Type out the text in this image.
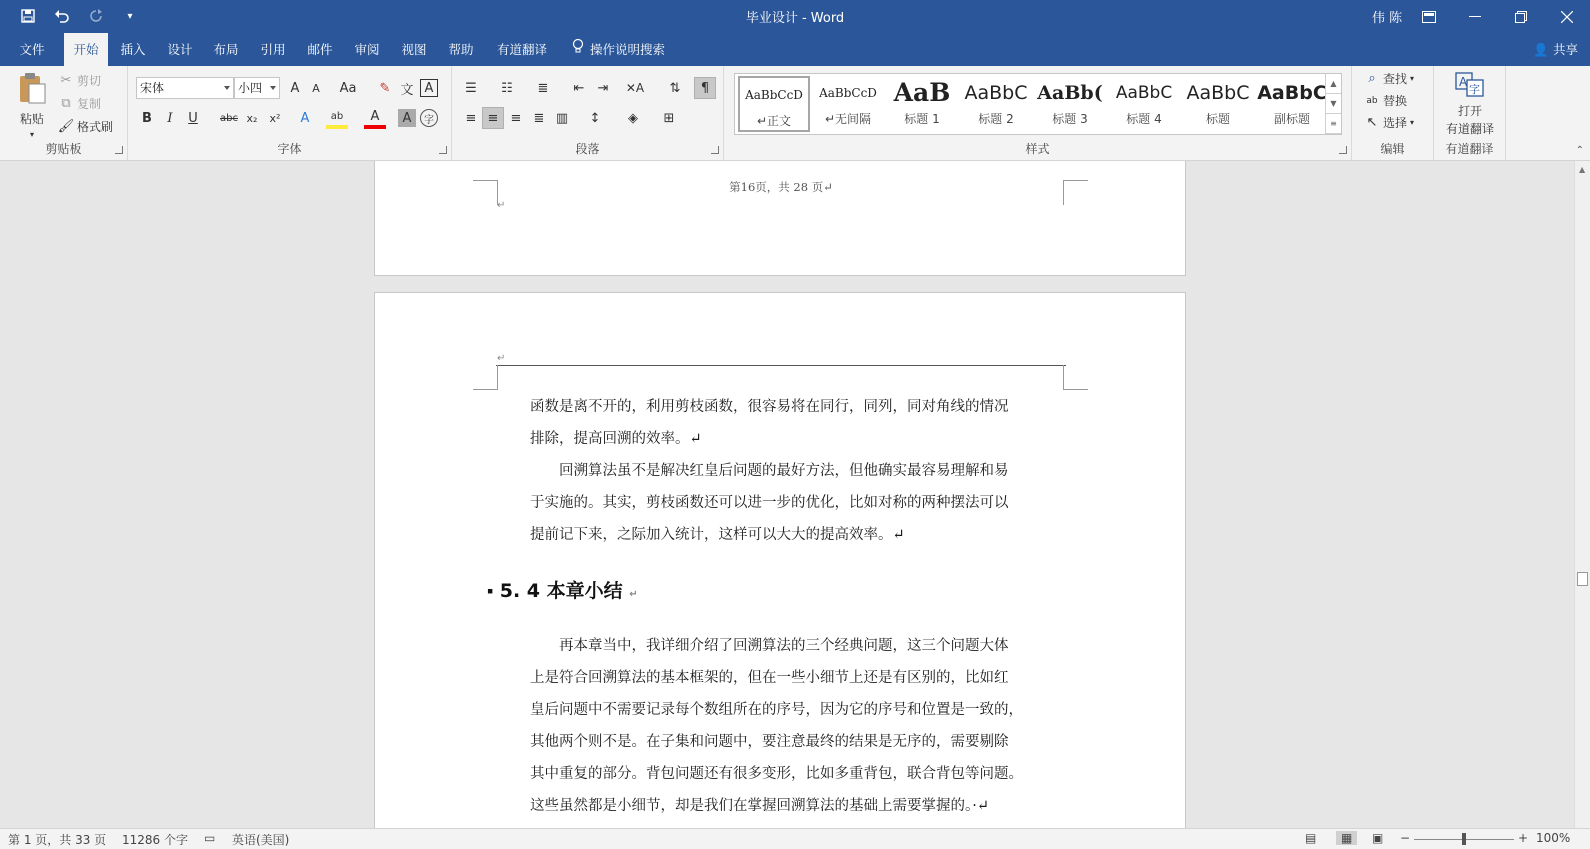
▾	毕业设计 - Word	伟 陈
文件	开始	插入	设计	布局	引用	邮件	审阅	视图	帮助	有道翻译	操作说明搜索	👤 共享
粘贴
▾
✂ 剪切
⧉ 复制
🖌 格式刷
剪贴板
宋体	小四	A	A	Aa	✎ 文 A
B	I	U	abc x₂	x²	A	ab	A	A	字
字体
☰	☷	≣	⇤	⇥	✕A	⇅	¶
≡ ≡ ≡ ≣ ▥	↕	◈	⊞
段落	样式
AaBbCcD
↵正文
AaBbCcD
↵无间隔
AaB
标题 1
AaBbC
标题 2
AaBb(
标题 3
AaBbC
标题 4
AaBbC
标题
AaBbC
副标题
▲
▼
≡
⌕ 查找 ▾
ab 替换
↖ 选择 ▾
编辑
A
字
打开
有道翻译
有道翻译	⌃
第16页，共 28 页↵
↵
↵
函数是离不开的，利用剪枝函数，很容易将在同行，同列，同对角线的情况
排除，提高回溯的效率。↵
　　回溯算法虽不是解决红皇后问题的最好方法，但他确实最容易理解和易
于实施的。其实，剪枝函数还可以进一步的优化，比如对称的两种摆法可以
提前记下来，之际加入统计，这样可以大大的提高效率。↵
▪ 5. 4 本章小结 ↵
　　再本章当中，我详细介绍了回溯算法的三个经典问题，这三个问题大体
上是符合回溯算法的基本框架的，但在一些小细节上还是有区别的，比如红
皇后问题中不需要记录每个数组所在的序号，因为它的序号和位置是一致的，
其他两个则不是。在子集和问题中，要注意最终的结果是无序的，需要剔除
其中重复的部分。背包问题还有很多变形，比如多重背包，联合背包等问题。
这些虽然都是小细节，却是我们在掌握回溯算法的基础上需要掌握的。·↵
▲
第 1 页，共 33 页 11286 个字 ▭ 英语(美国)	▤	▦	▣ −	+ 100%
